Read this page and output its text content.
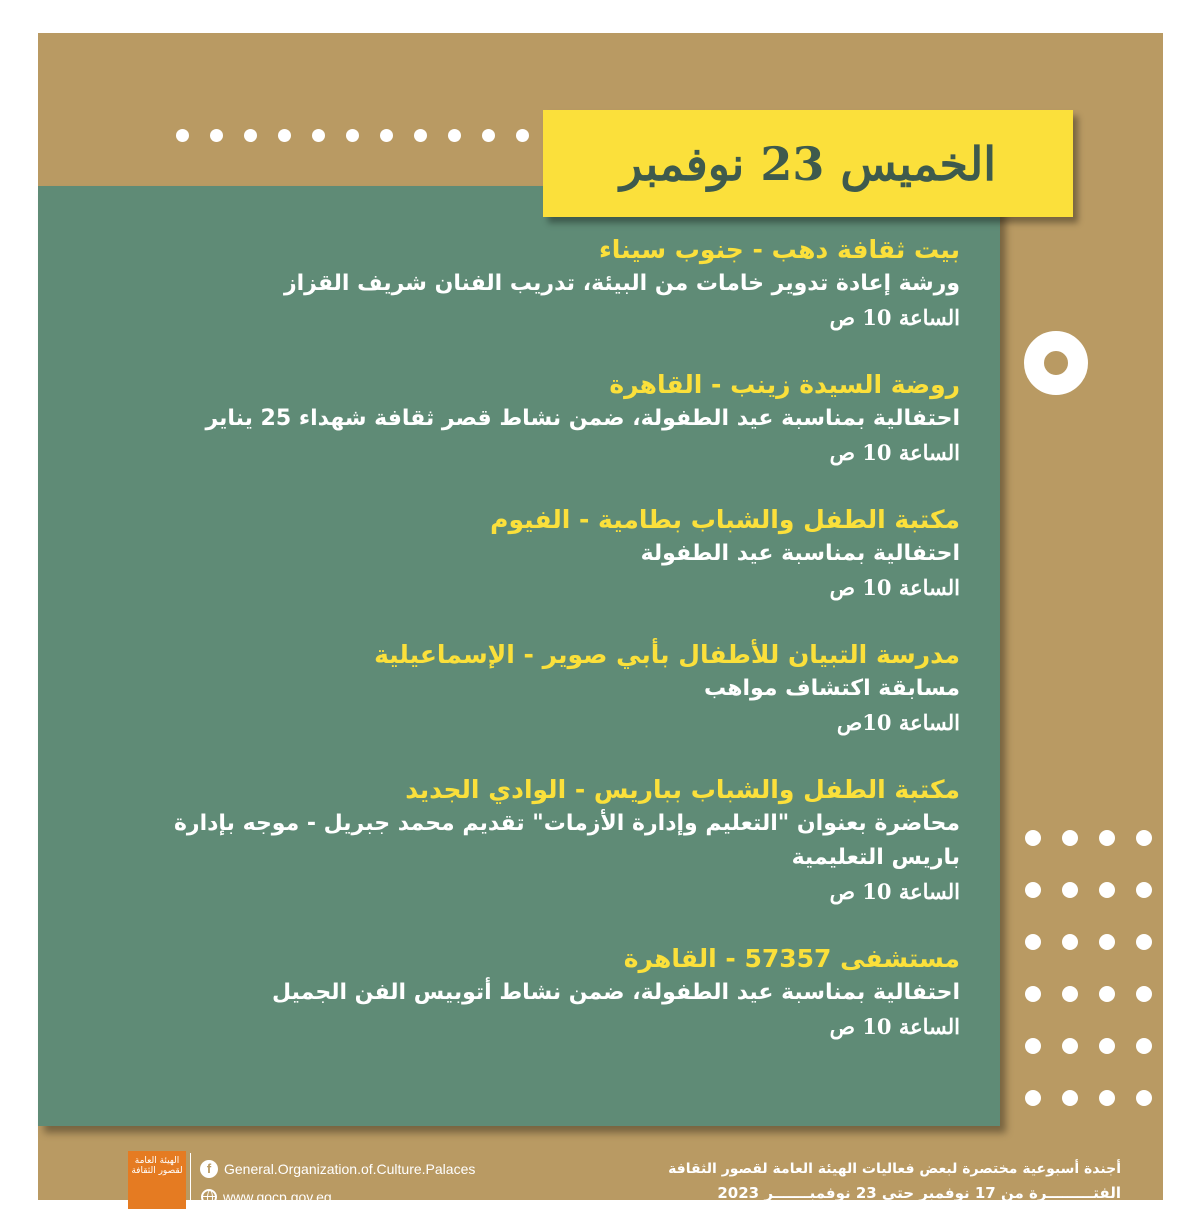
الخميس 23 نوفمبر
بيت ثقافة دهب - جنوب سيناء
ورشة إعادة تدوير خامات من البيئة، تدريب الفنان شريف القزاز
الساعة 10 ص
روضة السيدة زينب - القاهرة
احتفالية بمناسبة عيد الطفولة، ضمن نشاط قصر ثقافة شهداء 25 يناير
الساعة 10 ص
مكتبة الطفل والشباب بطامية - الفيوم
احتفالية بمناسبة عيد الطفولة
الساعة 10 ص
مدرسة التبيان للأطفال بأبي صوير - الإسماعيلية
مسابقة اكتشاف مواهب
الساعة 10ص
مكتبة الطفل والشباب بباريس - الوادي الجديد
محاضرة بعنوان "التعليم وإدارة الأزمات" تقديم محمد جبريل - موجه بإدارة باريس التعليمية
الساعة 10 ص
مستشفى 57357 - القاهرة
احتفالية بمناسبة عيد الطفولة، ضمن نشاط أتوبيس الفن الجميل
الساعة 10 ص
الهيئة العامة لقصور الثقافة	f General.Organization.of.Culture.Palaces
www.gocp.gov.eg
أجندة أسبوعية مختصرة لبعض فعاليات الهيئة العامة لقصور الثقافة
الفتـــــــــرة من 17 نوفمبر حتى 23 نوفمبـــــــر 2023
